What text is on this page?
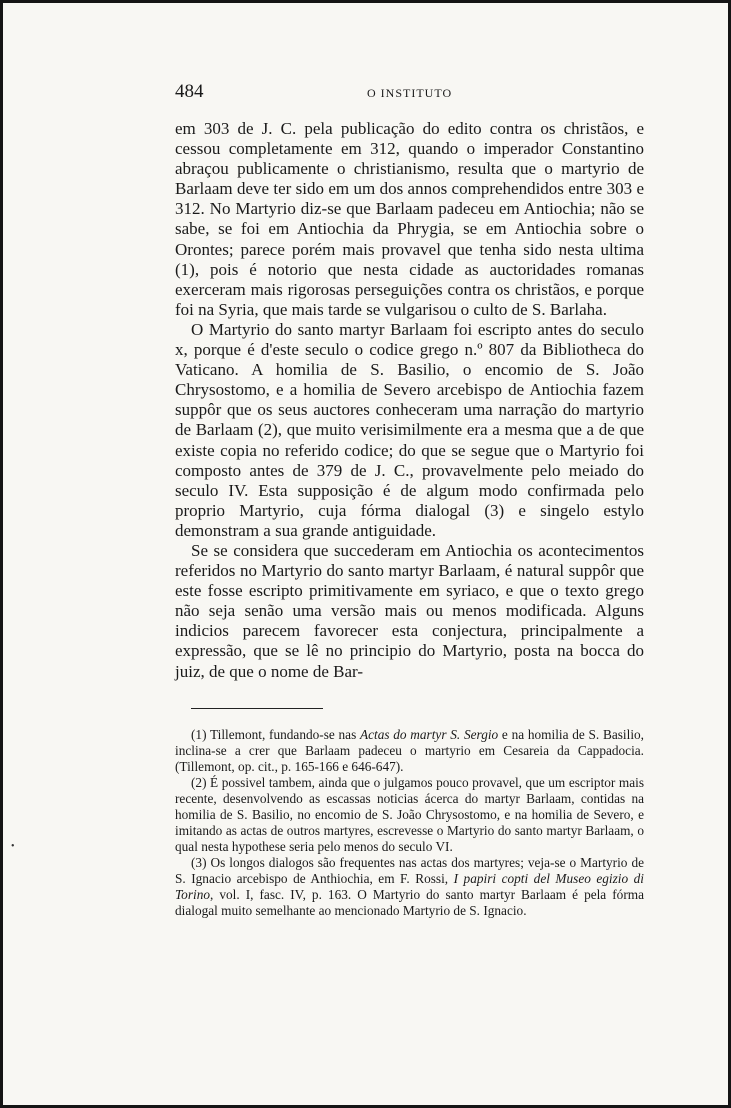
484	O INSTITUTO

em 303 de J. C. pela publicação do edito contra os christãos, e cessou completamente em 312, quando o imperador Constantino abraçou publicamente o christianismo, resulta que o martyrio de Barlaam deve ter sido em um dos annos comprehendidos entre 303 e 312. No Martyrio diz-se que Barlaam padeceu em Antiochia; não se sabe, se foi em Antiochia da Phrygia, se em Antiochia sobre o Orontes; parece porém mais provavel que tenha sido nesta ultima (1), pois é notorio que nesta cidade as auctoridades romanas exerceram mais rigorosas perseguições contra os christãos, e porque foi na Syria, que mais tarde se vulgarisou o culto de S. Barlaha.

O Martyrio do santo martyr Barlaam foi escripto antes do seculo x, porque é d'este seculo o codice grego n.º 807 da Bibliotheca do Vaticano. A homilia de S. Basilio, o encomio de S. João Chrysostomo, e a homilia de Severo arcebispo de Antiochia fazem suppôr que os seus auctores conheceram uma narração do martyrio de Barlaam (2), que muito verisimilmente era a mesma que a de que existe copia no referido codice; do que se segue que o Martyrio foi composto antes de 379 de J. C., provavelmente pelo meiado do seculo IV. Esta supposição é de algum modo confirmada pelo proprio Martyrio, cuja fórma dialogal (3) e singelo estylo demonstram a sua grande antiguidade.

Se se considera que succederam em Antiochia os acontecimentos referidos no Martyrio do santo martyr Barlaam, é natural suppôr que este fosse escripto primitivamente em syriaco, e que o texto grego não seja senão uma versão mais ou menos modificada. Alguns indicios parecem favorecer esta conjectura, principalmente a expressão, que se lê no principio do Martyrio, posta na bocca do juiz, de que o nome de Bar-

(1) Tillemont, fundando-se nas Actas do martyr S. Sergio e na homilia de S. Basilio, inclina-se a crer que Barlaam padeceu o martyrio em Cesareia da Cappadocia. (Tillemont, op. cit., p. 165-166 e 646-647).

(2) É possivel tambem, ainda que o julgamos pouco provavel, que um escriptor mais recente, desenvolvendo as escassas noticias ácerca do martyr Barlaam, contidas na homilia de S. Basilio, no encomio de S. João Chrysostomo, e na homilia de Severo, e imitando as actas de outros martyres, escrevesse o Martyrio do santo martyr Barlaam, o qual nesta hypothese seria pelo menos do seculo VI.

(3) Os longos dialogos são frequentes nas actas dos martyres; veja-se o Martyrio de S. Ignacio arcebispo de Anthiochia, em F. Rossi, I papiri copti del Museo egizio di Torino, vol. I, fasc. IV, p. 163. O Martyrio do santo martyr Barlaam é pela fórma dialogal muito semelhante ao mencionado Martyrio de S. Ignacio.

•
